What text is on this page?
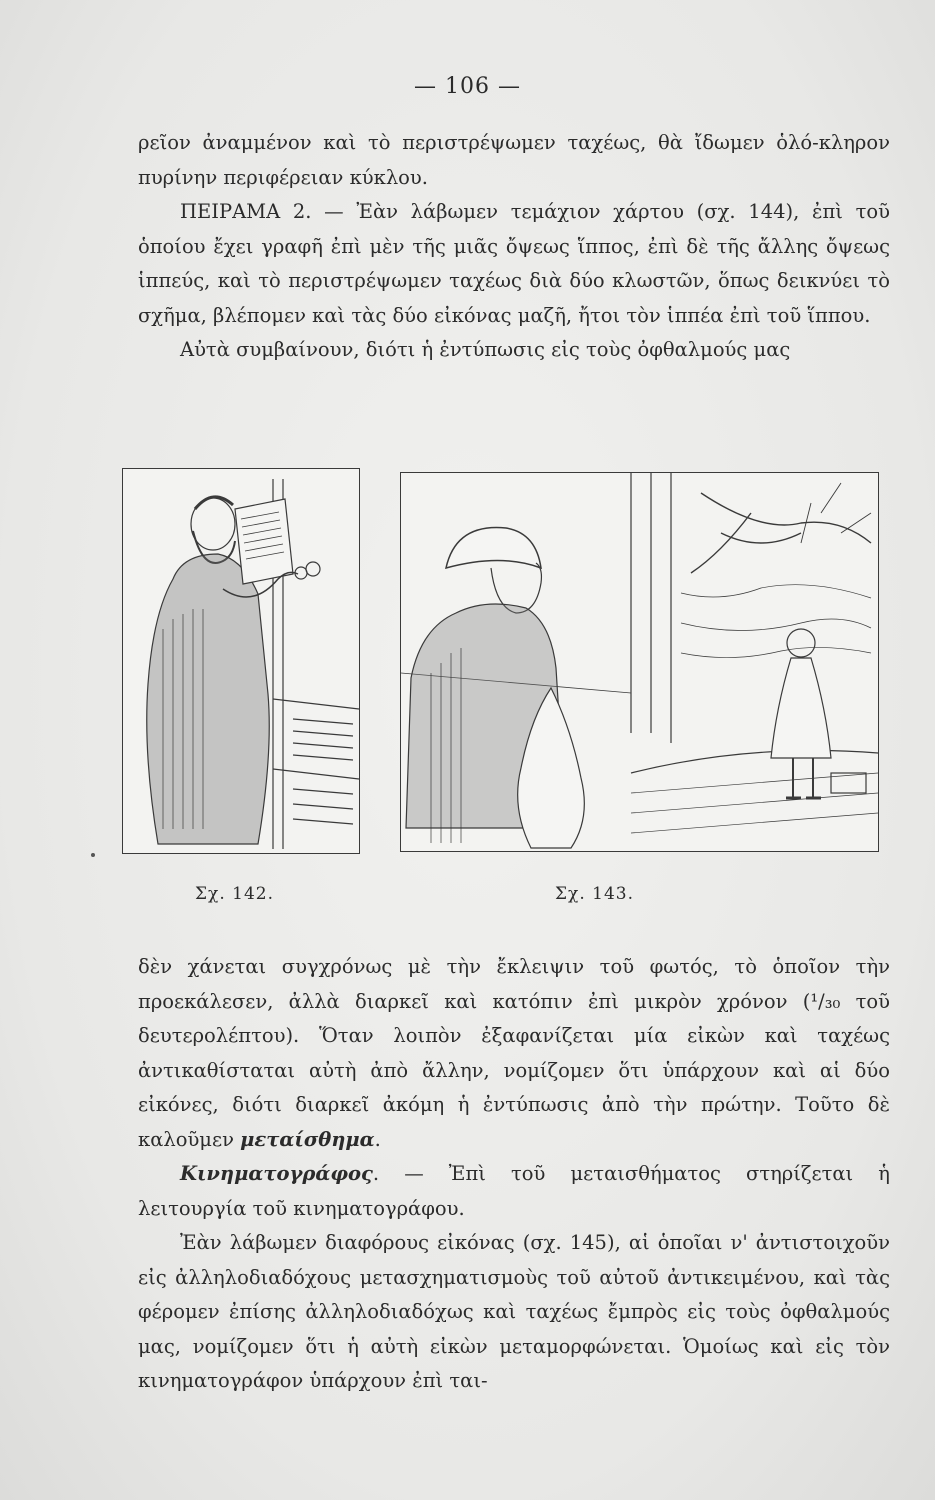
— 106 —

ρεῖον ἀναμμένον καὶ τὸ περιστρέψωμεν ταχέως, θὰ ἴδωμεν ὁλό-κληρον πυρίνην περιφέρειαν κύκλου.

ΠΕΙΡΑΜΑ 2. — Ἐὰν λάβωμεν τεμάχιον χάρτου (σχ. 144), ἐπὶ τοῦ ὁποίου ἔχει γραφῆ ἐπὶ μὲν τῆς μιᾶς ὄψεως ἵππος, ἐπὶ δὲ τῆς ἄλλης ὄψεως ἱππεύς, καὶ τὸ περιστρέψωμεν ταχέως διὰ δύο κλωστῶν, ὅπως δεικνύει τὸ σχῆμα, βλέπομεν καὶ τὰς δύο εἰκόνας μαζῆ, ἤτοι τὸν ἱππέα ἐπὶ τοῦ ἵππου.

Αὐτὰ συμβαίνουν, διότι ἡ ἐντύπωσις εἰς τοὺς ὀφθαλμούς μας

Σχ. 142.	Σχ. 143.

δὲν χάνεται συγχρόνως μὲ τὴν ἔκλειψιν τοῦ φωτός, τὸ ὁποῖον τὴν προεκάλεσεν, ἀλλὰ διαρκεῖ καὶ κατόπιν ἐπὶ μικρὸν χρόνον (¹/₃₀ τοῦ δευτερολέπτου). Ὅταν λοιπὸν ἐξαφανίζεται μία εἰκὼν καὶ ταχέως ἀντικαθίσταται αὐτὴ ἀπὸ ἄλλην, νομίζομεν ὅτι ὑπάρχουν καὶ αἱ δύο εἰκόνες, διότι διαρκεῖ ἀκόμη ἡ ἐντύπωσις ἀπὸ τὴν πρώτην. Τοῦτο δὲ καλοῦμεν μεταίσθημα.

Κινηματογράφος. — Ἐπὶ τοῦ μεταισθήματος στηρίζεται ἡ λειτουργία τοῦ κινηματογράφου.

Ἐὰν λάβωμεν διαφόρους εἰκόνας (σχ. 145), αἱ ὁποῖαι ν' ἀντιστοιχοῦν εἰς ἀλληλοδιαδόχους μετασχηματισμοὺς τοῦ αὐτοῦ ἀντικειμένου, καὶ τὰς φέρομεν ἐπίσης ἀλληλοδιαδόχως καὶ ταχέως ἔμπρὸς εἰς τοὺς ὀφθαλμούς μας, νομίζομεν ὅτι ἡ αὐτὴ εἰκὼν μεταμορφώνεται. Ὁμοίως καὶ εἰς τὸν κινηματογράφον ὑπάρχουν ἐπὶ ται-
